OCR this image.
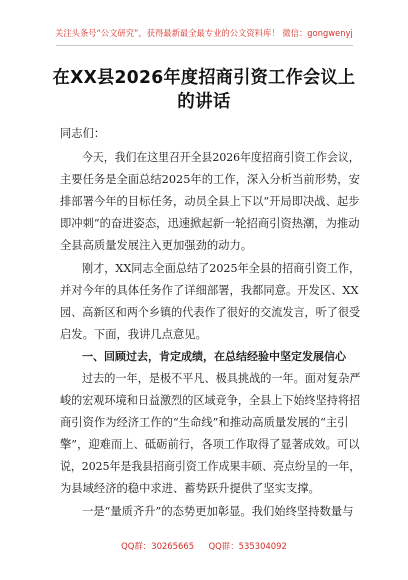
关注头条号“公文研究”，获得最新最全最专业的公文资料库！ 微信：gongwenyj
在XX县2026年度招商引资工作会议上
的讲话
同志们：
今天，我们在这里召开全县2026年度招商引资工作会议，
主要任务是全面总结2025年的工作，深入分析当前形势，安
排部署今年的目标任务，动员全县上下以“开局即决战、起步
即冲刺”的奋进姿态，迅速掀起新一轮招商引资热潮，为推动
全县高质量发展注入更加强劲的动力。
刚才，XX同志全面总结了2025年全县的招商引资工作，
并对今年的具体任务作了详细部署，我都同意。开发区、XX
园、高新区和两个乡镇的代表作了很好的交流发言，听了很受
启发。下面，我讲几点意见。
一、回顾过去，肯定成绩，在总结经验中坚定发展信心
过去的一年，是极不平凡、极具挑战的一年。面对复杂严
峻的宏观环境和日益激烈的区域竞争，全县上下始终坚持将招
商引资作为经济工作的“生命线”和推动高质量发展的“主引
擎”，迎难而上、砥砺前行，各项工作取得了显著成效。可以
说，2025年是我县招商引资工作成果丰硕、亮点纷呈的一年，
为县域经济的稳中求进、蓄势跃升提供了坚实支撑。
一是“量质齐升”的态势更加彰显。我们始终坚持数量与
QQ群：30265665 QQ群：535304092
